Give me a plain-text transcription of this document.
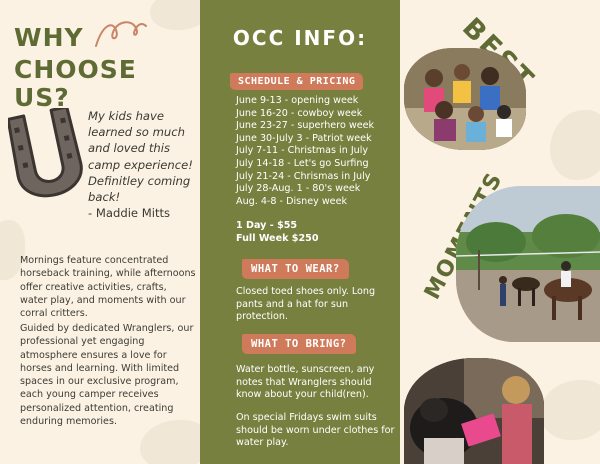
WHY
CHOOSE US?
My kids have learned so much and loved this camp experience! Definitley coming back!
- Maddie Mitts

Mornings feature concentrated horseback training, while afternoons offer creative activities, crafts, water play, and moments with our corral critters.

Guided by dedicated Wranglers, our professional yet engaging atmosphere ensures a love for horses and learning. With limited spaces in our exclusive program, each young camper receives personalized attention, creating enduring memories.

OCC INFO:
SCHEDULE & PRICING
June 9-13 - opening week
June 16-20 - cowboy week
June 23-27 - superhero week
June 30-July 3 - Patriot week
July 7-11 - Christmas in July
July 14-18 - Let's go Surfing
July 21-24 - Chrismas in July
July 28-Aug. 1 - 80's week
Aug. 4-8 - Disney week
1 Day - $55
Full Week $250
WHAT TO WEAR?

Closed toed shoes only. Long pants and a hat for sun protection.

WHAT TO BRING?

Water bottle, sunscreen, any notes that Wranglers should know about your child(ren).

On special Fridays swim suits should be worn under clothes for water play.
